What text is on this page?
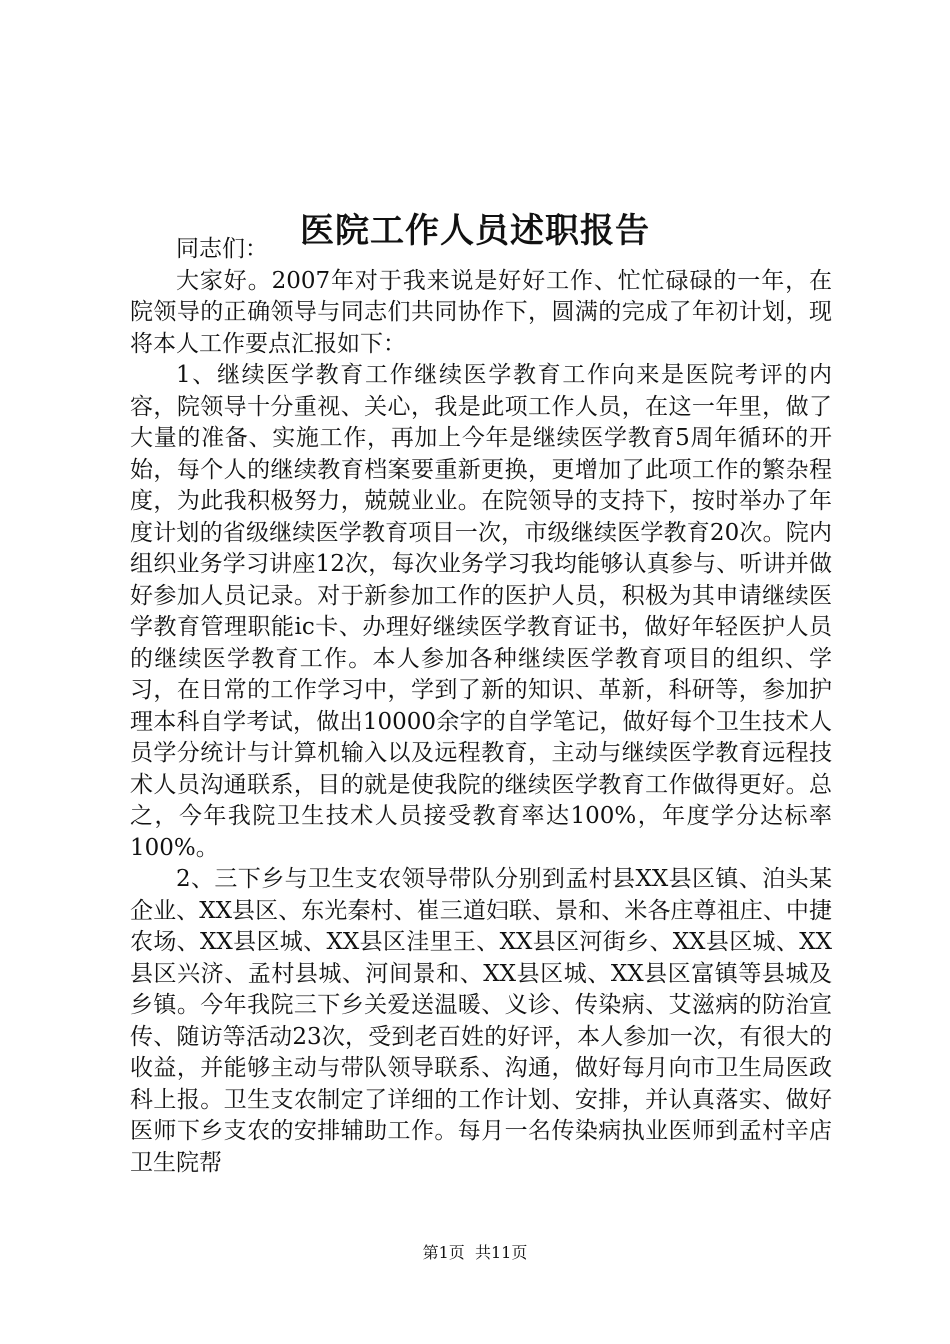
医院工作人员述职报告

同志们：

大家好。2007年对于我来说是好好工作、忙忙碌碌的一年，在院领导的正确领导与同志们共同协作下，圆满的完成了年初计划，现将本人工作要点汇报如下：

1、继续医学教育工作继续医学教育工作向来是医院考评的内容，院领导十分重视、关心，我是此项工作人员，在这一年里，做了大量的准备、实施工作，再加上今年是继续医学教育5周年循环的开始，每个人的继续教育档案要重新更换，更增加了此项工作的繁杂程度，为此我积极努力，兢兢业业。在院领导的支持下，按时举办了年度计划的省级继续医学教育项目一次，市级继续医学教育20次。院内组织业务学习讲座12次，每次业务学习我均能够认真参与、听讲并做好参加人员记录。对于新参加工作的医护人员，积极为其申请继续医学教育管理职能ic卡、办理好继续医学教育证书，做好年轻医护人员的继续医学教育工作。本人参加各种继续医学教育项目的组织、学习，在日常的工作学习中，学到了新的知识、革新，科研等，参加护理本科自学考试，做出10000余字的自学笔记，做好每个卫生技术人员学分统计与计算机输入以及远程教育，主动与继续医学教育远程技术人员沟通联系，目的就是使我院的继续医学教育工作做得更好。总之，今年我院卫生技术人员接受教育率达100%，年度学分达标率100%。

2、三下乡与卫生支农领导带队分别到孟村县XX县区镇、泊头某企业、XX县区、东光秦村、崔三道妇联、景和、米各庄尊祖庄、中捷农场、XX县区城、XX县区洼里王、XX县区河街乡、XX县区城、XX县区兴济、孟村县城、河间景和、XX县区城、XX县区富镇等县城及乡镇。今年我院三下乡关爱送温暖、义诊、传染病、艾滋病的防治宣传、随访等活动23次，受到老百姓的好评，本人参加一次，有很大的收益，并能够主动与带队领导联系、沟通，做好每月向市卫生局医政科上报。卫生支农制定了详细的工作计划、安排，并认真落实、做好医师下乡支农的安排辅助工作。每月一名传染病执业医师到孟村辛店卫生院帮

第1页 共11页
